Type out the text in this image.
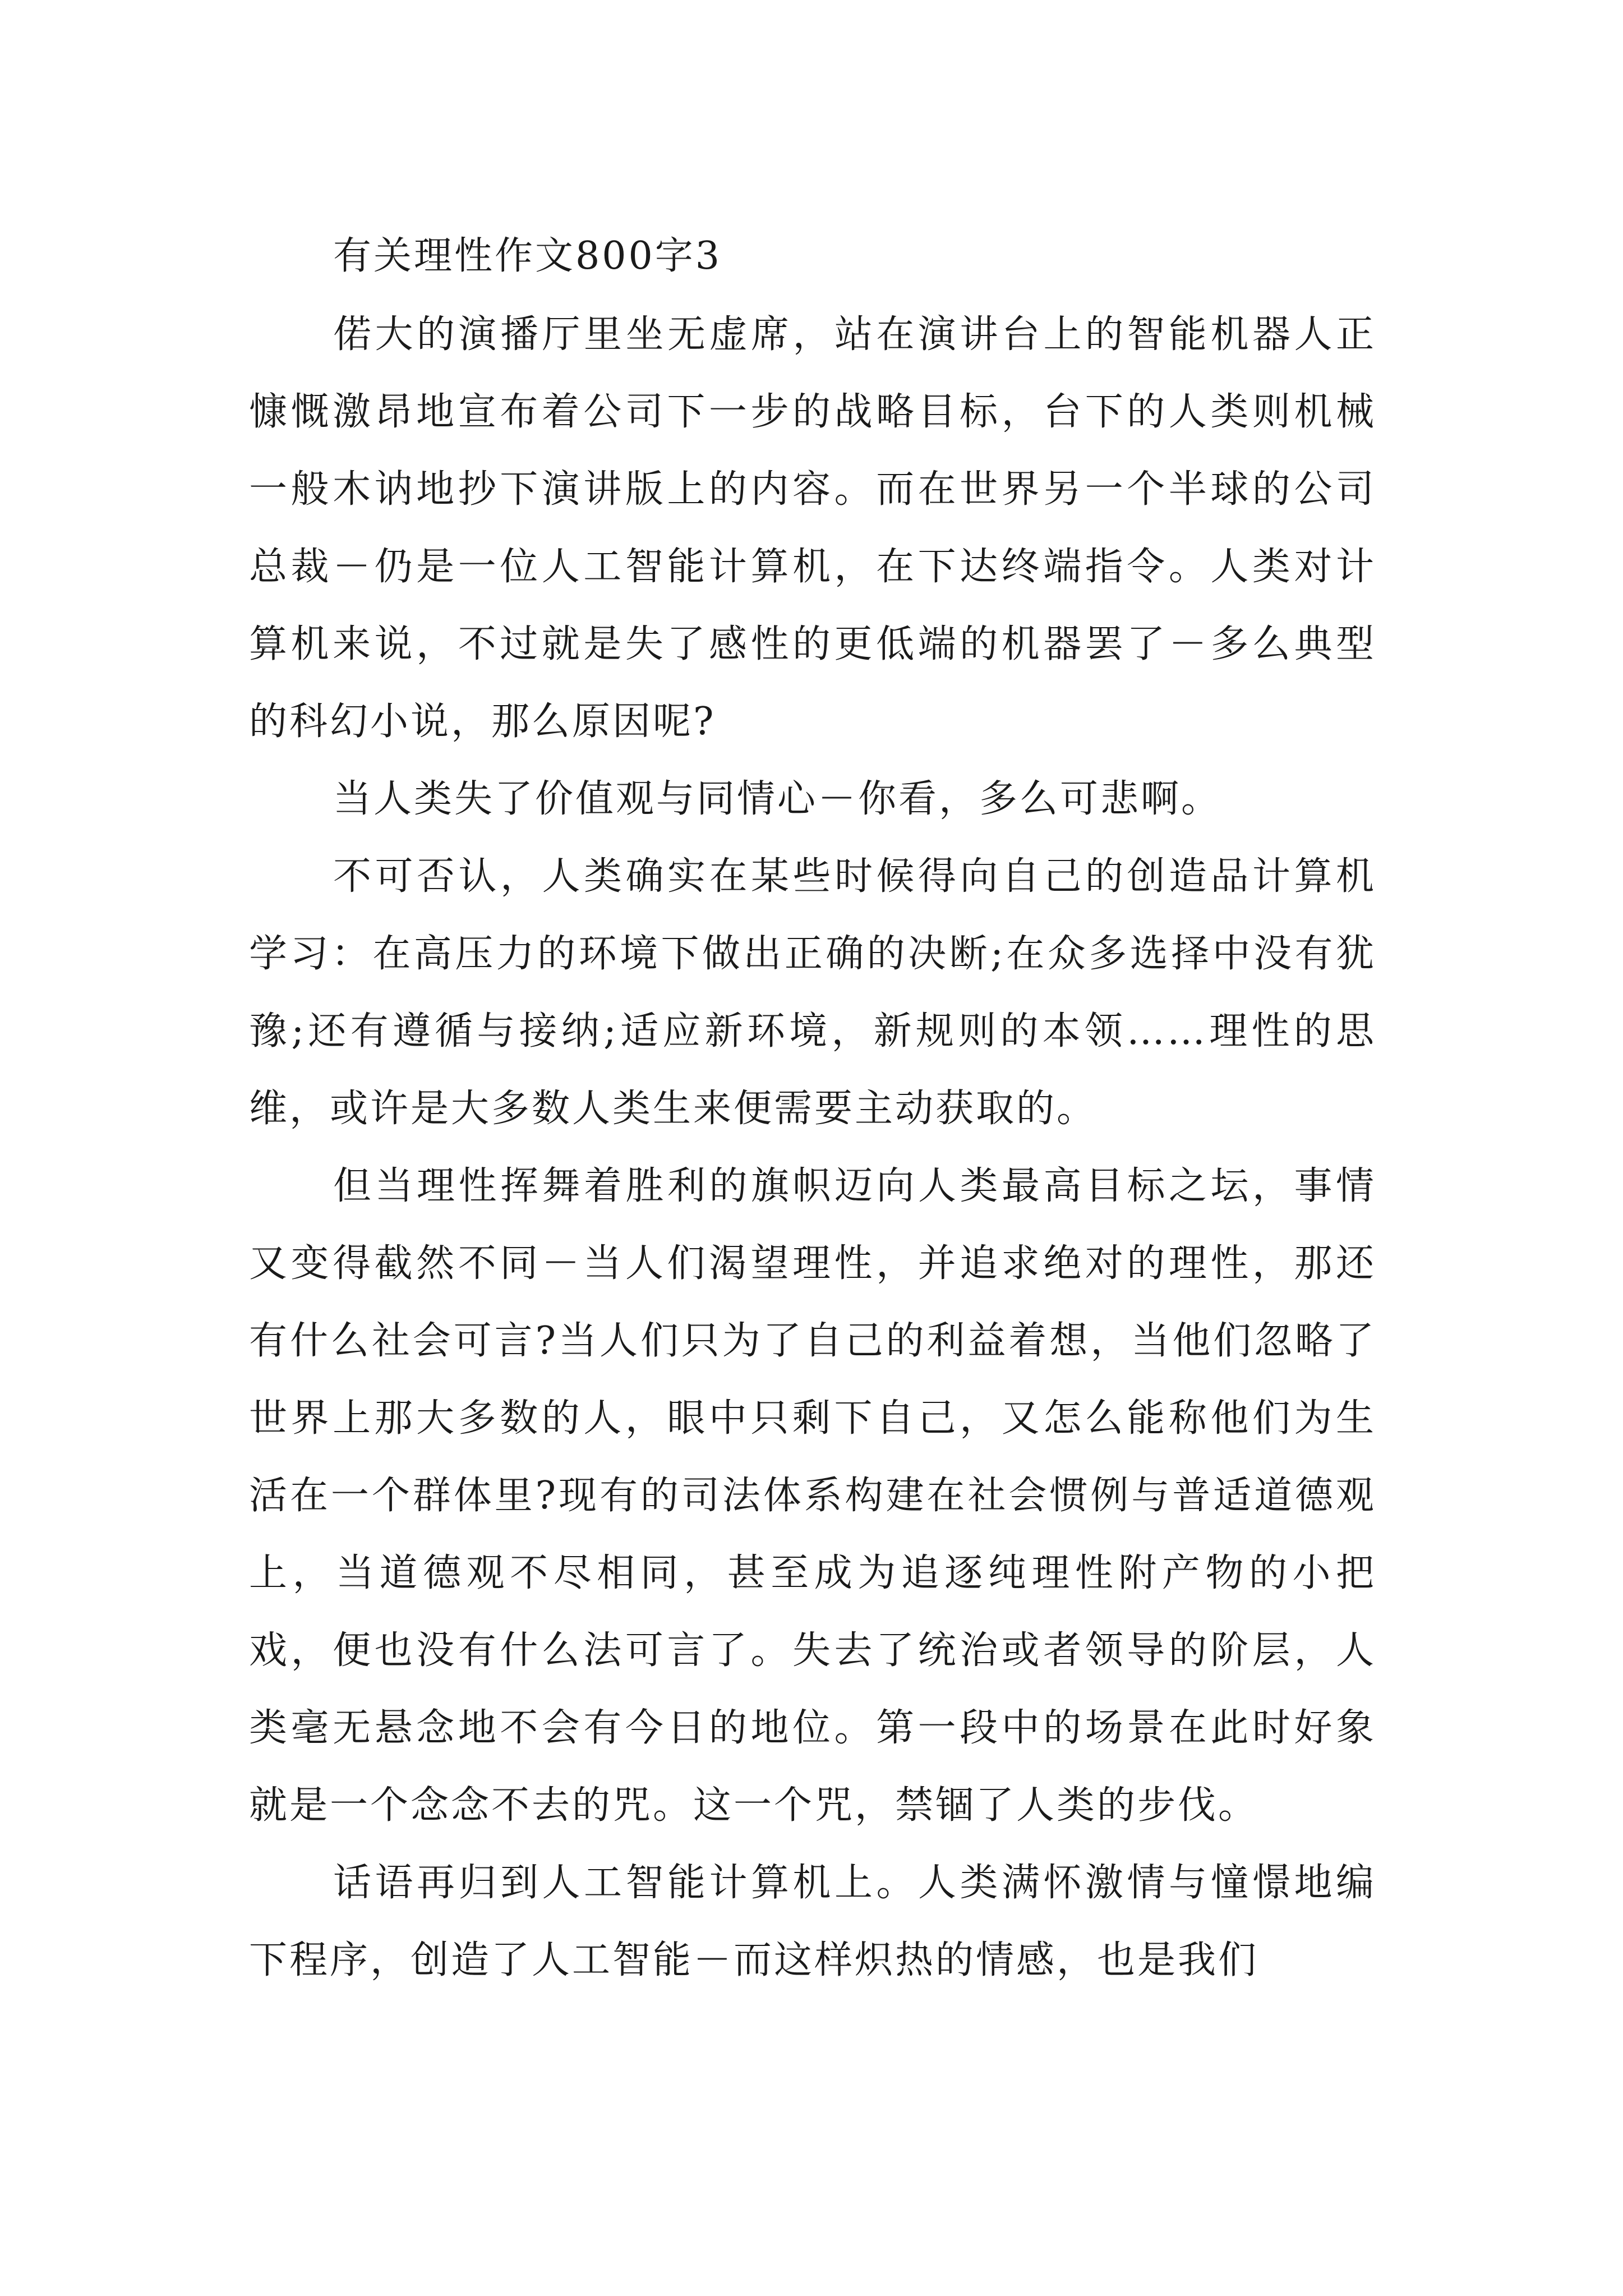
有关理性作文800字3

偌大的演播厅里坐无虚席，站在演讲台上的智能机器人正慷慨激昂地宣布着公司下一步的战略目标，台下的人类则机械一般木讷地抄下演讲版上的内容。而在世界另一个半球的公司总裁－仍是一位人工智能计算机，在下达终端指令。人类对计算机来说，不过就是失了感性的更低端的机器罢了－多么典型的科幻小说，那么原因呢?

当人类失了价值观与同情心－你看，多么可悲啊。

不可否认，人类确实在某些时候得向自己的创造品计算机学习：在高压力的环境下做出正确的决断;在众多选择中没有犹豫;还有遵循与接纳;适应新环境，新规则的本领……理性的思维，或许是大多数人类生来便需要主动获取的。

但当理性挥舞着胜利的旗帜迈向人类最高目标之坛，事情又变得截然不同－当人们渴望理性，并追求绝对的理性，那还有什么社会可言?当人们只为了自己的利益着想，当他们忽略了世界上那大多数的人，眼中只剩下自己，又怎么能称他们为生活在一个群体里?现有的司法体系构建在社会惯例与普适道德观上，当道德观不尽相同，甚至成为追逐纯理性附产物的小把戏，便也没有什么法可言了。失去了统治或者领导的阶层，人类毫无悬念地不会有今日的地位。第一段中的场景在此时好象就是一个念念不去的咒。这一个咒，禁锢了人类的步伐。

话语再归到人工智能计算机上。人类满怀激情与憧憬地编下程序，创造了人工智能－而这样炽热的情感，也是我们
